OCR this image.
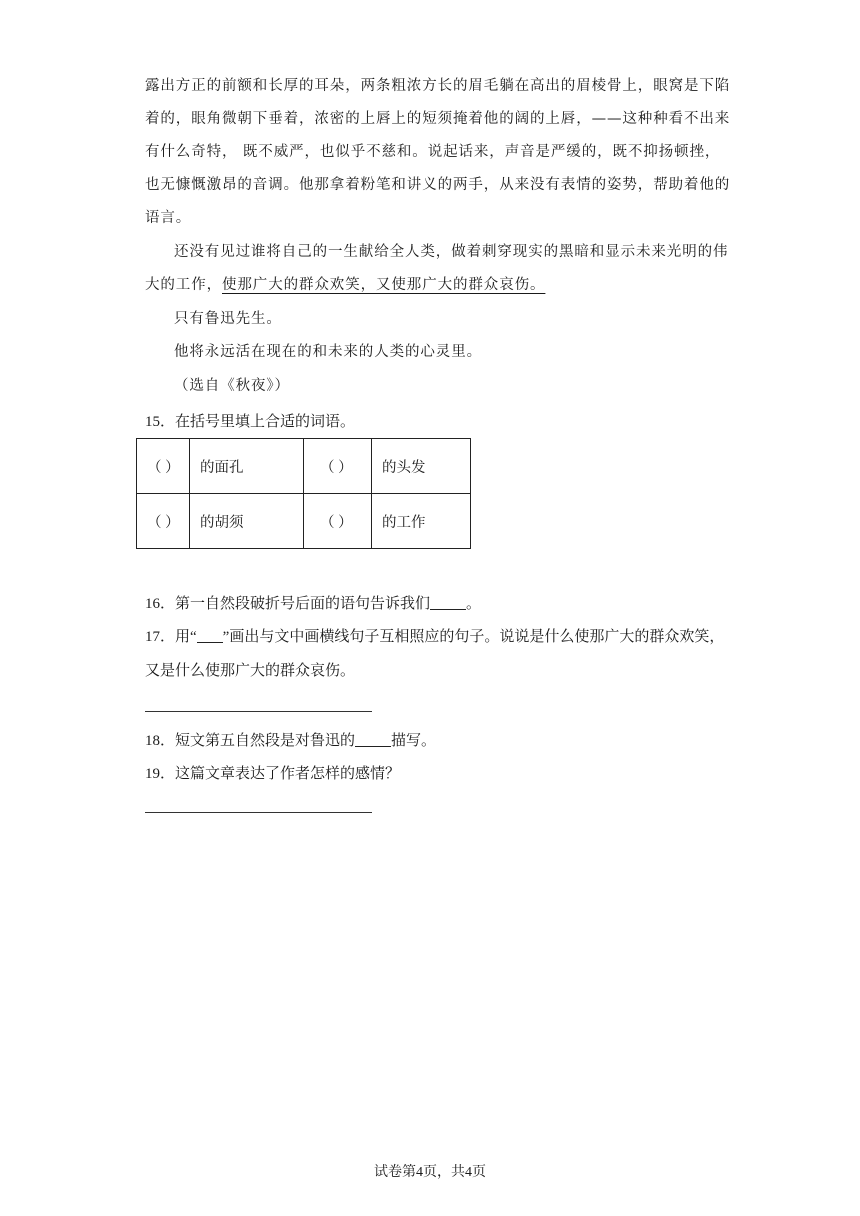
露出方正的前额和长厚的耳朵，两条粗浓方长的眉毛躺在高出的眉棱骨上，眼窝是下陷
着的，眼角微朝下垂着，浓密的上唇上的短须掩着他的阔的上唇，——这种种看不出来
有什么奇特， 既不威严，也似乎不慈和。说起话来，声音是严缓的，既不抑扬顿挫，
也无慷慨激昂的音调。他那拿着粉笔和讲义的两手，从来没有表情的姿势，帮助着他的
语言。
还没有见过谁将自己的一生献给全人类，做着刺穿现实的黑暗和显示未来光明的伟
大的工作，使那广大的群众欢笑，又使那广大的群众哀伤。
只有鲁迅先生。
他将永远活在现在的和未来的人类的心灵里。
（选自《秋夜》）
15．在括号里填上合适的词语。
（ ）	的面孔	（ ）	的头发
（ ）	的胡须	（ ）	的工作
16．第一自然段破折号后面的语句告诉我们 。
17．用“ ”画出与文中画横线句子互相照应的句子。说说是什么使那广大的群众欢笑，
又是什么使那广大的群众哀伤。
18．短文第五自然段是对鲁迅的 描写。
19．这篇文章表达了作者怎样的感情？
试卷第4页，共4页
